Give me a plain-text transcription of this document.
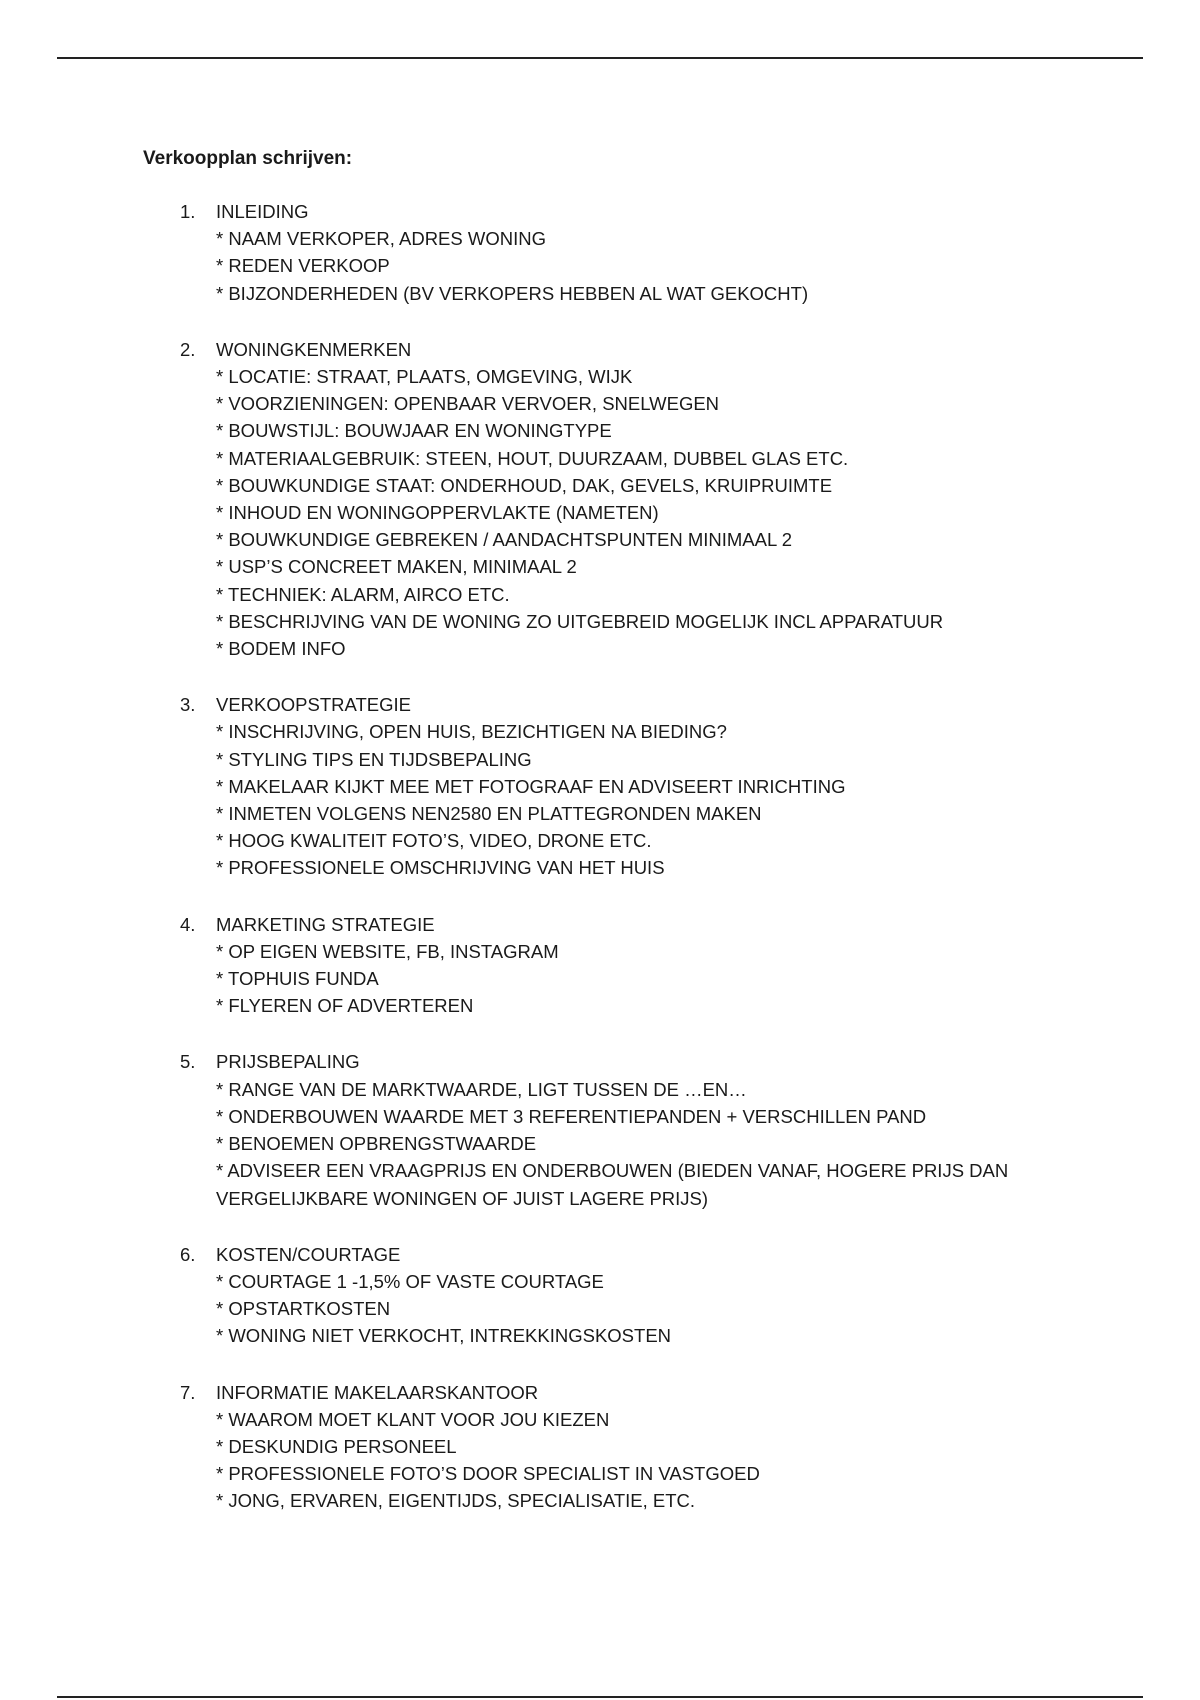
Verkoopplan schrijven:
1. INLEIDING
* NAAM VERKOPER, ADRES WONING
* REDEN VERKOOP
* BIJZONDERHEDEN (BV VERKOPERS HEBBEN AL WAT GEKOCHT)
2. WONINGKENMERKEN
* LOCATIE: STRAAT, PLAATS, OMGEVING, WIJK
* VOORZIENINGEN: OPENBAAR VERVOER, SNELWEGEN
* BOUWSTIJL: BOUWJAAR EN WONINGTYPE
* MATERIAALGEBRUIK: STEEN, HOUT, DUURZAAM, DUBBEL GLAS ETC.
* BOUWKUNDIGE STAAT: ONDERHOUD, DAK, GEVELS, KRUIPRUIMTE
* INHOUD EN WONINGOPPERVLAKTE (NAMETEN)
* BOUWKUNDIGE GEBREKEN / AANDACHTSPUNTEN MINIMAAL 2
* USP’S CONCREET MAKEN, MINIMAAL 2
* TECHNIEK: ALARM, AIRCO ETC.
* BESCHRIJVING VAN DE WONING ZO UITGEBREID MOGELIJK INCL APPARATUUR
* BODEM INFO
3. VERKOOPSTRATEGIE
* INSCHRIJVING, OPEN HUIS, BEZICHTIGEN NA BIEDING?
* STYLING TIPS EN TIJDSBEPALING
* MAKELAAR KIJKT MEE MET FOTOGRAAF EN ADVISEERT INRICHTING
* INMETEN VOLGENS NEN2580 EN PLATTEGRONDEN MAKEN
* HOOG KWALITEIT FOTO’S, VIDEO, DRONE ETC.
* PROFESSIONELE OMSCHRIJVING VAN HET HUIS
4. MARKETING STRATEGIE
* OP EIGEN WEBSITE, FB, INSTAGRAM
* TOPHUIS FUNDA
* FLYEREN OF ADVERTEREN
5. PRIJSBEPALING
* RANGE VAN DE MARKTWAARDE, LIGT TUSSEN DE …EN…
* ONDERBOUWEN WAARDE MET 3 REFERENTIEPANDEN + VERSCHILLEN PAND
* BENOEMEN OPBRENGSTWAARDE
* ADVISEER EEN VRAAGPRIJS EN ONDERBOUWEN (BIEDEN VANAF, HOGERE PRIJS DAN VERGELIJKBARE WONINGEN OF JUIST LAGERE PRIJS)
6. KOSTEN/COURTAGE
* COURTAGE 1 -1,5% OF VASTE COURTAGE
* OPSTARTKOSTEN
* WONING NIET VERKOCHT, INTREKKINGSKOSTEN
7. INFORMATIE MAKELAARSKANTOOR
* WAAROM MOET KLANT VOOR JOU KIEZEN
* DESKUNDIG PERSONEEL
* PROFESSIONELE FOTO’S DOOR SPECIALIST IN VASTGOED
* JONG, ERVAREN, EIGENTIJDS, SPECIALISATIE, ETC.
